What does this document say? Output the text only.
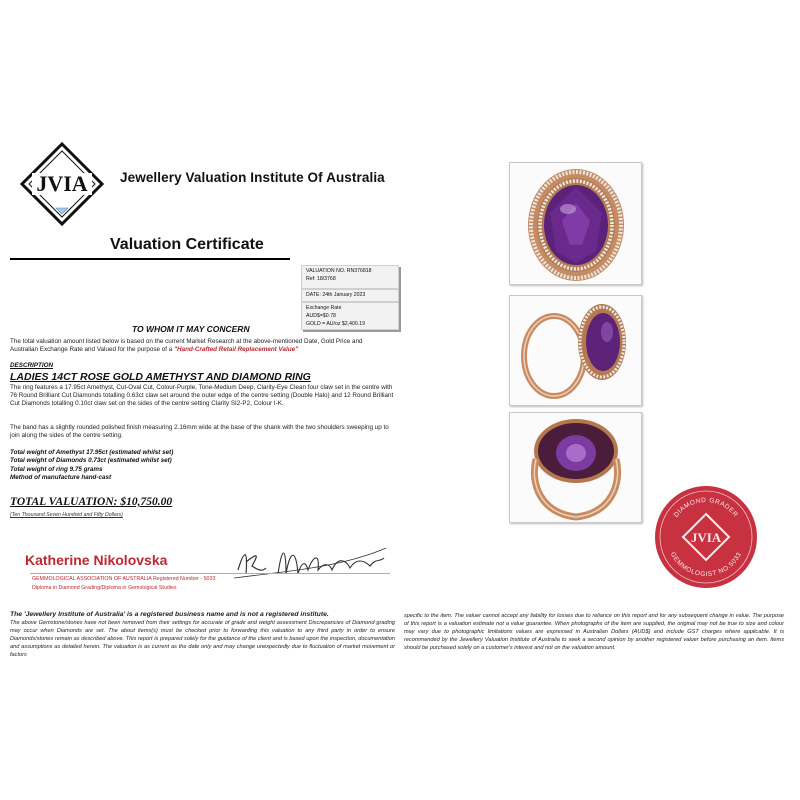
JVIA Jewellery Valuation Institute Of Australia
Valuation Certificate
VALUATION NO. RN376818
Ref: 18/3768
DATE: 24th January 2023
Exchange Rate
AUD$=$0.78
GOLD = AU/oz $2,400.19
TO WHOM IT MAY CONCERN
The total valuation amount listed below is based on the current Market Research at the above-mentioned Date, Gold Price and Australian Exchange Rate and Valued for the purpose of a "Hand-Crafted Retail Replacement Value"
DESCRIPTION
LADIES 14CT ROSE GOLD AMETHYST AND DIAMOND RING
The ring features a 17.95ct Amethyst, Cut-Oval Cut, Colour-Purple, Tone-Medium Deep, Clarity-Eye Clean four claw set in the centre with 76 Round Brilliant Cut Diamonds totalling 0.63ct claw set around the outer edge of the centre setting (Double Halo) and 12 Round Brilliant Cut Diamonds totalling 0.10ct claw set on the sides of the centre setting Clarity SI2-P2, Colour I-K.
The band has a slightly rounded polished finish measuring 2.16mm wide at the base of the shank with the two shoulders sweeping up to join along the sides of the centre setting.
Total weight of Amethyst 17.95ct (estimated whilst set)
Total weight of Diamonds 0.73ct (estimated whilst set)
Total weight of ring 9.75 grams
Method of manufacture hand-cast
TOTAL VALUATION: $10,750.00
(Ten Thousand Seven Hundred and Fifty Dollars)
Katherine Nikolovska
GEMMOLOGICAL ASSOCIATION OF AUSTRALIA Registered Number - 5033
Diploma in Diamond Grading/Diploma in Gemological Studies
The 'Jewellery Institute of Australia' is a registered business name and is not a registered institute.
The above Gemstone/stones have not been removed from their settings for accurate of grade and weight assessment Discrepancies of Diamond grading may occur when Diamonds are set. The about items(s) must be checked prior to forwarding this valuation to any third party in order to ensure Diamonds/stones remain as described above. This report is prepared solely for the guidance of the client and is based upon the inspection, documentation and assumptions as detailed herein. The valuation is as current as the date only and may change unexpectedly due to fluctuation of market movement or factors
specific to the item. The valuer cannot accept any liability for losses due to reliance on this report and for any subsequent change in value. The purpose of this report is a valuation estimate not a value guarantee. When photographs of the item are supplied, the original may not be true to size and colour may vary due to photographic limitations values are expressed in Australian Dollars (AUD$) and include GST charges where applicable. It is recommended by the Jewellery Valuation Institute of Australia to seek a second opinion by another registered valuer before purchasing an item. Items should be purchased solely on a customer's interest and not on the valuation amount.
DIAMOND GRADER
GEMMOLOGIST NO.5033
JVIA
